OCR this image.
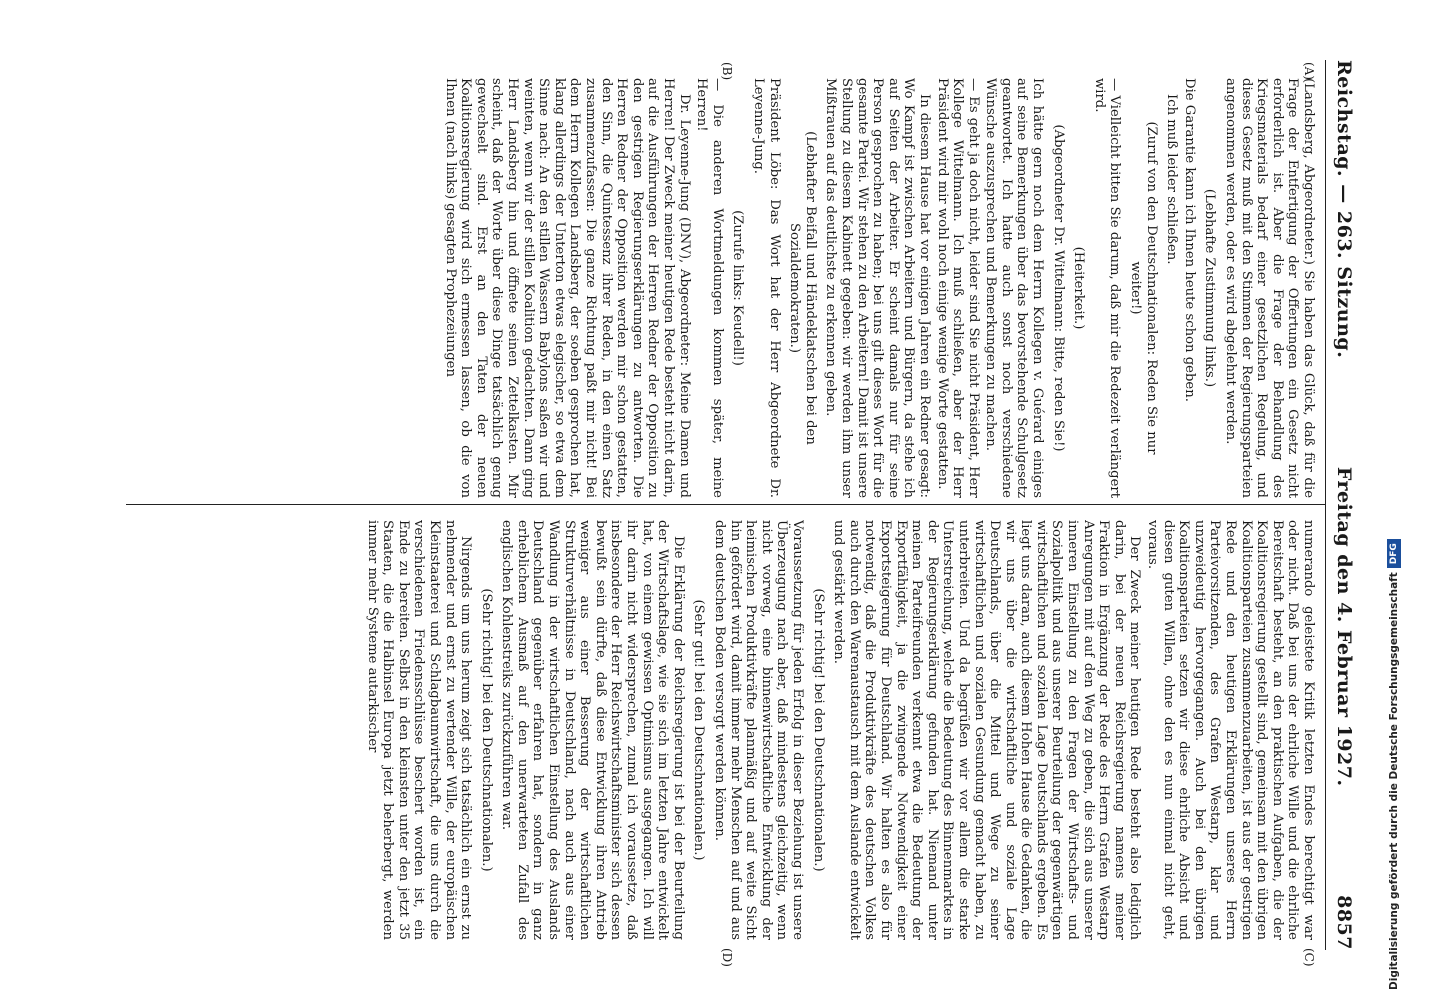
Reichstag. — 263. Sitzung.
Freitag den 4. Februar 1927.
8857
(A)
(B)
(C)
(D)

(Landsberg, Abgeordneter.) Sie haben das Glück, daß für die Frage der Entfertigung der Offertungen ein Gesetz nicht erforderlich ist. Aber die Frage der Behandlung des Kriegsmaterials bedarf einer gesetzlichen Regelung, und dieses Gesetz muß mit den Stimmen der Regierungsparteien angenommen werden, oder es wird abgelehnt werden.

(Lebhafte Zustimmung links.)

Die Garantie kann ich Ihnen heute schon geben.

Ich muß leider schließen.

(Zuruf von den Deutschnationalen: Reden Sie nur weiter!)

— Vielleicht bitten Sie darum, daß mir die Redezeit verlängert wird.

(Heiterkeit.)

(Abgeordneter Dr. Wittelmann: Bitte, reden Sie!)

Ich hätte gern noch dem Herrn Kollegen v. Guérard einiges auf seine Bemerkungen über das bevorstehende Schulgesetz geantwortet. Ich hatte auch sonst noch verschiedene Wünsche auszusprechen und Bemerkungen zu machen.

— Es geht ja doch nicht, leider sind Sie nicht Präsident, Herr Kollege Wittelmann. Ich muß schließen, aber der Herr Präsident wird mir wohl noch einige wenige Worte gestatten.

In diesem Hause hat vor einigen Jahren ein Redner gesagt: Wo Kampf ist zwischen Arbeitern und Bürgern, da stehe ich auf Seiten der Arbeiter. Er scheint damals nur für seine Person gesprochen zu haben; bei uns gilt dieses Wort für die gesamte Partei. Wir stehen zu den Arbeitern! Damit ist unsere Stellung zu diesem Kabinett gegeben: wir werden ihm unser Mißtrauen auf das deutlichste zu erkennen geben.

(Lebhafter Beifall und Händeklatschen bei den Sozialdemokraten.)

Präsident Löbe: Das Wort hat der Herr Abgeordnete Dr. Leyenne-Jung.

(Zurufe links: Keudell!)

— Die anderen Wortmeldungen kommen später, meine Herren!

Dr. Leyenne-Jung (DNV), Abgeordneter: Meine Damen und Herren! Der Zweck meiner heutigen Rede besteht nicht darin, auf die Ausführungen der Herren Redner der Opposition zu den gestrigen Regierungserklärungen zu antworten. Die Herren Redner der Opposition werden mir schon gestatten, den Sinn, die Quintessenz ihrer Reden, in den einen Satz zusammenzufassen: Die ganze Richtung paßt mir nicht! Bei dem Herrn Kollegen Landsberg, der soeben gesprochen hat, klang allerdings der Unterton etwas elegischer, so etwa dem Sinne nach: An den stillen Wassern Babylons saßen wir und weinten, wenn wir der stillen Koalition gedachten. Dann ging Herr Landsberg hin und öffnete seinen Zettelkasten. Mir scheint, daß der Worte über diese Dinge tatsächlich genug gewechselt sind. Erst an den Taten der neuen Koalitionsregierung wird sich ermessen lassen, ob die von Ihnen (nach links) gesagten Prophezeiungen

numerando geleistete Kritik letzten Endes berechtigt war oder nicht. Daß bei uns der ehrliche Wille und die ehrliche Bereitschaft besteht, an den praktischen Aufgaben, die der Koalitionsregierung gestellt sind, gemeinsam mit den übrigen Koalitionsparteien zusammenzuarbeiten, ist aus der gestrigen Rede und den heutigen Erklärungen unseres Herrn Parteivorsitzenden, des Grafen Westarp, klar und unzweideutig hervorgegangen. Auch bei den übrigen Koalitionsparteien setzen wir diese ehrliche Absicht und diesen guten Willen, ohne den es nun einmal nicht geht, voraus.

Der Zweck meiner heutigen Rede besteht also lediglich darin, bei der neuen Reichsregierung namens meiner Fraktion in Ergänzung der Rede des Herrn Grafen Westarp Anregungen mit auf den Weg zu geben, die sich aus unserer inneren Einstellung zu den Fragen der Wirtschafts- und Sozialpolitik und aus unserer Beurteilung der gegenwärtigen wirtschaftlichen und sozialen Lage Deutschlands ergeben. Es liegt uns daran, auch diesem Hohen Hause die Gedanken, die wir uns über die wirtschaftliche und soziale Lage Deutschlands, über die Mittel und Wege zu seiner wirtschaftlichen und sozialen Gesundung gemacht haben, zu unterbreiten. Und da begrüßen wir vor allem die starke Unterstreichung, welche die Bedeutung des Binnenmarktes in der Regierungserklärung gefunden hat. Niemand unter meinen Parteifreunden verkennt etwa die Bedeutung der Exportfähigkeit, ja die zwingende Notwendigkeit einer Exportsteigerung für Deutschland. Wir halten es also für notwendig, daß die Produktivkräfte des deutschen Volkes auch durch den Warenaustausch mit dem Auslande entwickelt und gestärkt werden.

(Sehr richtig! bei den Deutschnationalen.)

Voraussetzung für jeden Erfolg in dieser Beziehung ist unsere Überzeugung nach aber, daß mindestens gleichzeitig, wenn nicht vorweg, eine binnenwirtschaftliche Entwicklung der heimischen Produktivkräfte planmäßig und auf weite Sicht hin gefördert wird, damit immer mehr Menschen auf und aus dem deutschen Boden versorgt werden können.

(Sehr gut! bei den Deutschnationalen.)

Die Erklärung der Reichsregierung ist bei der Beurteilung der Wirtschaftslage, wie sie sich im letzten Jahre entwickelt hat, von einem gewissen Optimismus ausgegangen. Ich will ihr darin nicht widersprechen, zumal ich voraussetze, daß insbesondere der Herr Reichswirtschaftsminister sich dessen bewußt sein dürfte, daß diese Entwicklung ihren Antrieb weniger aus einer Besserung der wirtschaftlichen Strukturverhältnisse in Deutschland, nach auch aus einer Wandlung in der wirtschaftlichen Einstellung des Auslands Deutschland gegenüber erfahren hat, sondern in ganz erheblichem Ausmaß auf den unerwarteten Zufall des englischen Kohlenstreiks zurückzuführen war.

(Sehr richtig! bei den Deutschnationalen.)

Nirgends um uns herum zeigt sich tatsächlich ein ernst zu nehmender und ernst zu wertender Wille, der europäischen Kleinstaaterei und Schlagbaumwirtschaft, die uns durch die verschiedenen Friedensschlüsse beschert worden ist, ein Ende zu bereiten. Selbst in den kleinsten unter den jetzt 35 Staaten, die die Halbinsel Europa jetzt beherbergt, werden immer mehr Systeme autarkischer	Digitalisierung gefördert durch die Deutsche Forschungsgemeinschaft
DFG
